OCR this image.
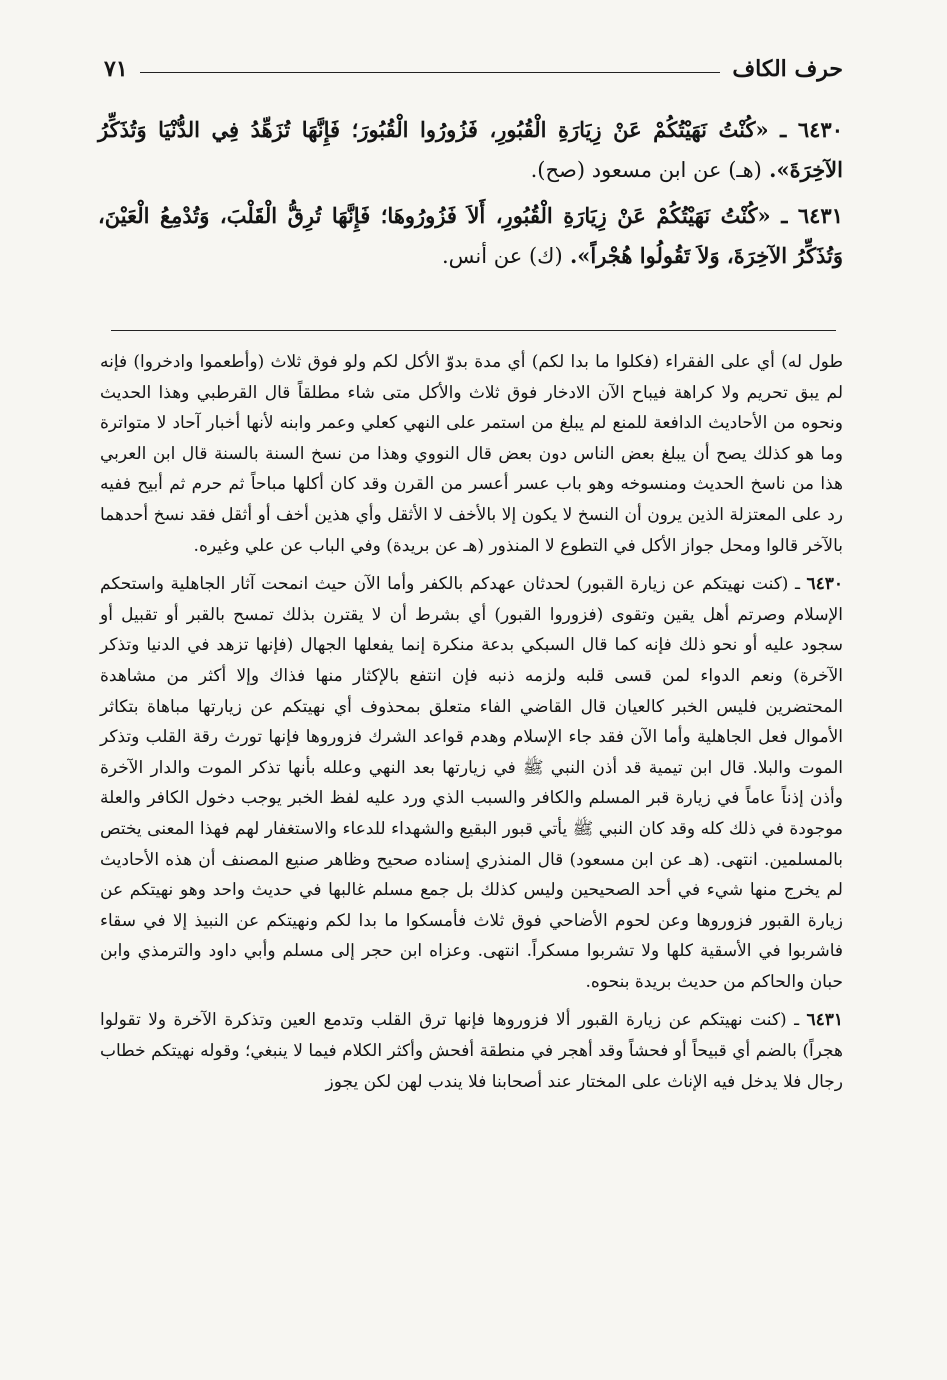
حرف الكاف
٧١

٦٤٣٠ ـ «كُنْتُ نَهَيْتُكُمْ عَنْ زِيَارَةِ الْقُبُورِ، فَزُورُوا الْقُبُورَ؛ فَإِنَّهَا تُزَهِّدُ فِي الدُّنْيَا وَتُذَكِّرُ الآخِرَةَ». (هـ) عن ابن مسعود (صح).

٦٤٣١ ـ «كُنْتُ نَهَيْتُكُمْ عَنْ زِيَارَةِ الْقُبُورِ، أَلاَ فَزُورُوهَا؛ فَإِنَّهَا تُرِقُّ الْقَلْبَ، وَتُدْمِعُ الْعَيْنَ، وَتُذَكِّرُ الآخِرَةَ، وَلاَ تَقُولُوا هُجْراً». (ك) عن أنس.

طول له) أي على الفقراء (فكلوا ما بدا لكم) أي مدة بدوّ الأكل لكم ولو فوق ثلاث (وأطعموا وادخروا) فإنه لم يبق تحريم ولا كراهة فيباح الآن الادخار فوق ثلاث والأكل متى شاء مطلقاً قال القرطبي وهذا الحديث ونحوه من الأحاديث الدافعة للمنع لم يبلغ من استمر على النهي كعلي وعمر وابنه لأنها أخبار آحاد لا متواترة وما هو كذلك يصح أن يبلغ بعض الناس دون بعض قال النووي وهذا من نسخ السنة بالسنة قال ابن العربي هذا من ناسخ الحديث ومنسوخه وهو باب عسر أعسر من القرن وقد كان أكلها مباحاً ثم حرم ثم أبيح ففيه رد على المعتزلة الذين يرون أن النسخ لا يكون إلا بالأخف لا الأثقل وأي هذين أخف أو أثقل فقد نسخ أحدهما بالآخر قالوا ومحل جواز الأكل في التطوع لا المنذور (هـ عن بريدة) وفي الباب عن علي وغيره.

٦٤٣٠ ـ (كنت نهيتكم عن زيارة القبور) لحدثان عهدكم بالكفر وأما الآن حيث انمحت آثار الجاهلية واستحكم الإسلام وصرتم أهل يقين وتقوى (فزوروا القبور) أي بشرط أن لا يقترن بذلك تمسح بالقبر أو تقبيل أو سجود عليه أو نحو ذلك فإنه كما قال السبكي بدعة منكرة إنما يفعلها الجهال (فإنها تزهد في الدنيا وتذكر الآخرة) ونعم الدواء لمن قسى قلبه ولزمه ذنبه فإن انتفع بالإكثار منها فذاك وإلا أكثر من مشاهدة المحتضرين فليس الخبر كالعيان قال القاضي الفاء متعلق بمحذوف أي نهيتكم عن زيارتها مباهاة بتكاثر الأموال فعل الجاهلية وأما الآن فقد جاء الإسلام وهدم قواعد الشرك فزوروها فإنها تورث رقة القلب وتذكر الموت والبلا. قال ابن تيمية قد أذن النبي ﷺ في زيارتها بعد النهي وعلله بأنها تذكر الموت والدار الآخرة وأذن إذناً عاماً في زيارة قبر المسلم والكافر والسبب الذي ورد عليه لفظ الخبر يوجب دخول الكافر والعلة موجودة في ذلك كله وقد كان النبي ﷺ يأتي قبور البقيع والشهداء للدعاء والاستغفار لهم فهذا المعنى يختص بالمسلمين. انتهى. (هـ عن ابن مسعود) قال المنذري إسناده صحيح وظاهر صنيع المصنف أن هذه الأحاديث لم يخرج منها شيء في أحد الصحيحين وليس كذلك بل جمع مسلم غالبها في حديث واحد وهو نهيتكم عن زيارة القبور فزوروها وعن لحوم الأضاحي فوق ثلاث فأمسكوا ما بدا لكم ونهيتكم عن النبيذ إلا في سقاء فاشربوا في الأسقية كلها ولا تشربوا مسكراً. انتهى. وعزاه ابن حجر إلى مسلم وأبي داود والترمذي وابن حبان والحاكم من حديث بريدة بنحوه.

٦٤٣١ ـ (كنت نهيتكم عن زيارة القبور ألا فزوروها فإنها ترق القلب وتدمع العين وتذكرة الآخرة ولا تقولوا هجراً) بالضم أي قبيحاً أو فحشاً وقد أهجر في منطقة أفحش وأكثر الكلام فيما لا ينبغي؛ وقوله نهيتكم خطاب رجال فلا يدخل فيه الإناث على المختار عند أصحابنا فلا يندب لهن لكن يجوز
